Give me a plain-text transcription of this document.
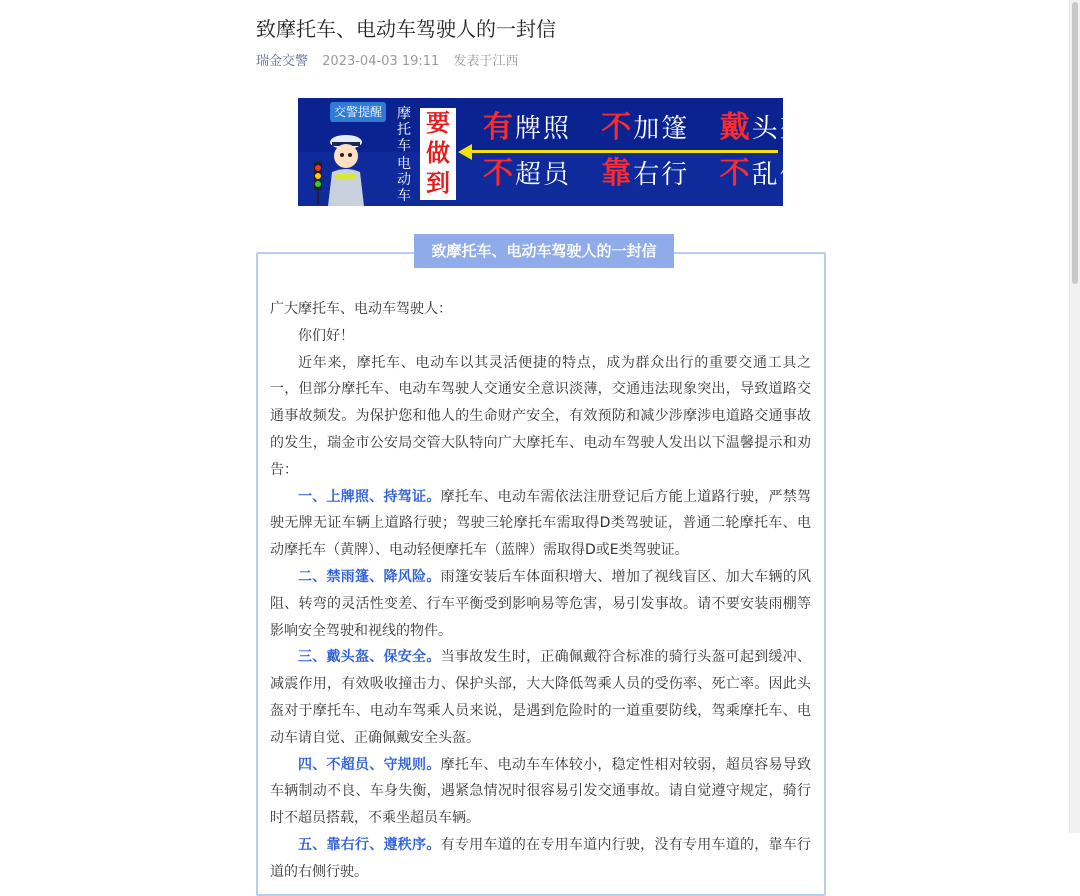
致摩托车、电动车驾驶人的一封信
瑞金交警 2023-04-03 19:11 发表于江西
交警提醒 摩托车
电动车
要做到
有牌照 不加篷 戴头盔
不超员 靠右行 不乱停
致摩托车、电动车驾驶人的一封信

广大摩托车、电动车驾驶人：

你们好！

近年来，摩托车、电动车以其灵活便捷的特点，成为群众出行的重要交通工具之一，但部分摩托车、电动车驾驶人交通安全意识淡薄，交通违法现象突出，导致道路交通事故频发。为保护您和他人的生命财产安全，有效预防和减少涉摩涉电道路交通事故的发生，瑞金市公安局交管大队特向广大摩托车、电动车驾驶人发出以下温馨提示和劝告：

一、上牌照、持驾证。摩托车、电动车需依法注册登记后方能上道路行驶，严禁驾驶无牌无证车辆上道路行驶；驾驶三轮摩托车需取得D类驾驶证，普通二轮摩托车、电动摩托车（黄牌）、电动轻便摩托车（蓝牌）需取得D或E类驾驶证。

二、禁雨篷、降风险。雨篷安装后车体面积增大、增加了视线盲区、加大车辆的风阻、转弯的灵活性变差、行车平衡受到影响易等危害，易引发事故。请不要安装雨棚等影响安全驾驶和视线的物件。

三、戴头盔、保安全。当事故发生时，正确佩戴符合标准的骑行头盔可起到缓冲、减震作用，有效吸收撞击力、保护头部，大大降低驾乘人员的受伤率、死亡率。因此头盔对于摩托车、电动车驾乘人员来说，是遇到危险时的一道重要防线，驾乘摩托车、电动车请自觉、正确佩戴安全头盔。

四、不超员、守规则。摩托车、电动车车体较小，稳定性相对较弱，超员容易导致车辆制动不良、车身失衡，遇紧急情况时很容易引发交通事故。请自觉遵守规定，骑行时不超员搭载，不乘坐超员车辆。

五、靠右行、遵秩序。有专用车道的在专用车道内行驶，没有专用车道的，靠车行道的右侧行驶。
